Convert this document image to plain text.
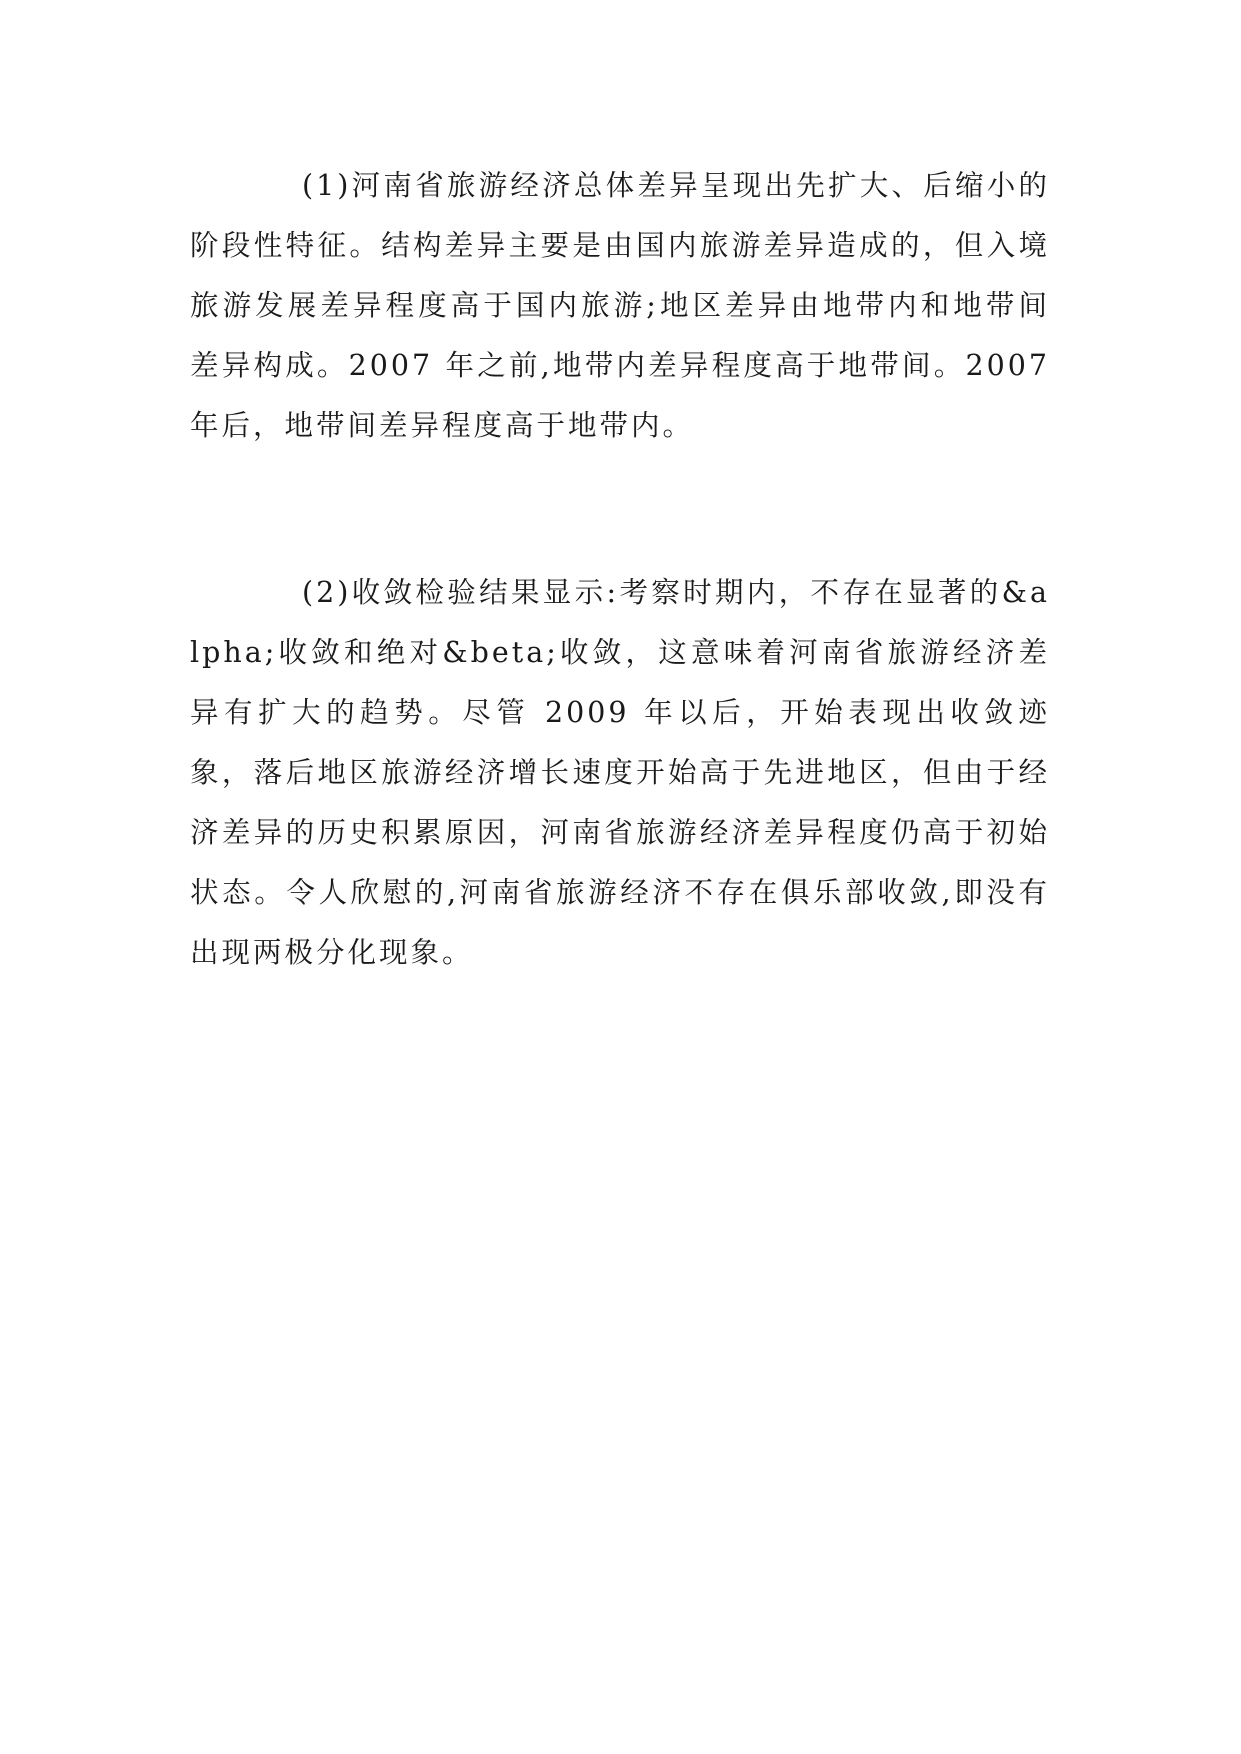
(1)河南省旅游经济总体差异呈现出先扩大、后缩小的阶段性特征。结构差异主要是由国内旅游差异造成的，但入境旅游发展差异程度高于国内旅游;地区差异由地带内和地带间差异构成。2007 年之前,地带内差异程度高于地带间。2007 年后，地带间差异程度高于地带内。

(2)收敛检验结果显示:考察时期内，不存在显著的&alpha;收敛和绝对&beta;收敛，这意味着河南省旅游经济差异有扩大的趋势。尽管 2009 年以后，开始表现出收敛迹象，落后地区旅游经济增长速度开始高于先进地区，但由于经济差异的历史积累原因，河南省旅游经济差异程度仍高于初始状态。令人欣慰的,河南省旅游经济不存在俱乐部收敛,即没有出现两极分化现象。
